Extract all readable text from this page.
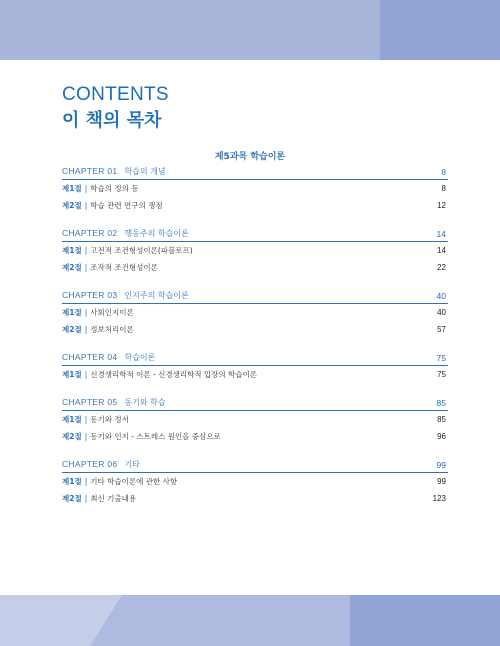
CONTENTS
이 책의 목차
제5과목 학습이론
CHAPTER 01 학습의 개념	8
제1절 | 학습의 정의 등	8
제2절 | 학습 관련 연구의 쟁점	12
CHAPTER 02 행동주의 학습이론	14
제1절 | 고전적 조건형성이론(파블로프)	14
제2절 | 조작적 조건형성이론	22
CHAPTER 03 인지주의 학습이론	40
제1절 | 사회인지이론	40
제2절 | 정보처리이론	57
CHAPTER 04 학습이론	75
제1절 | 신경생리학적 이론 - 신경생리학적 입장의 학습이론	75
CHAPTER 05 동기와 학습	85
제1절 | 동기와 정서	85
제2절 | 동기와 인지 - 스트레스 원인을 중심으로	96
CHAPTER 06 기타	99
제1절 | 기타 학습이론에 관한 사항	99
제2절 | 최신 기출내용	123
